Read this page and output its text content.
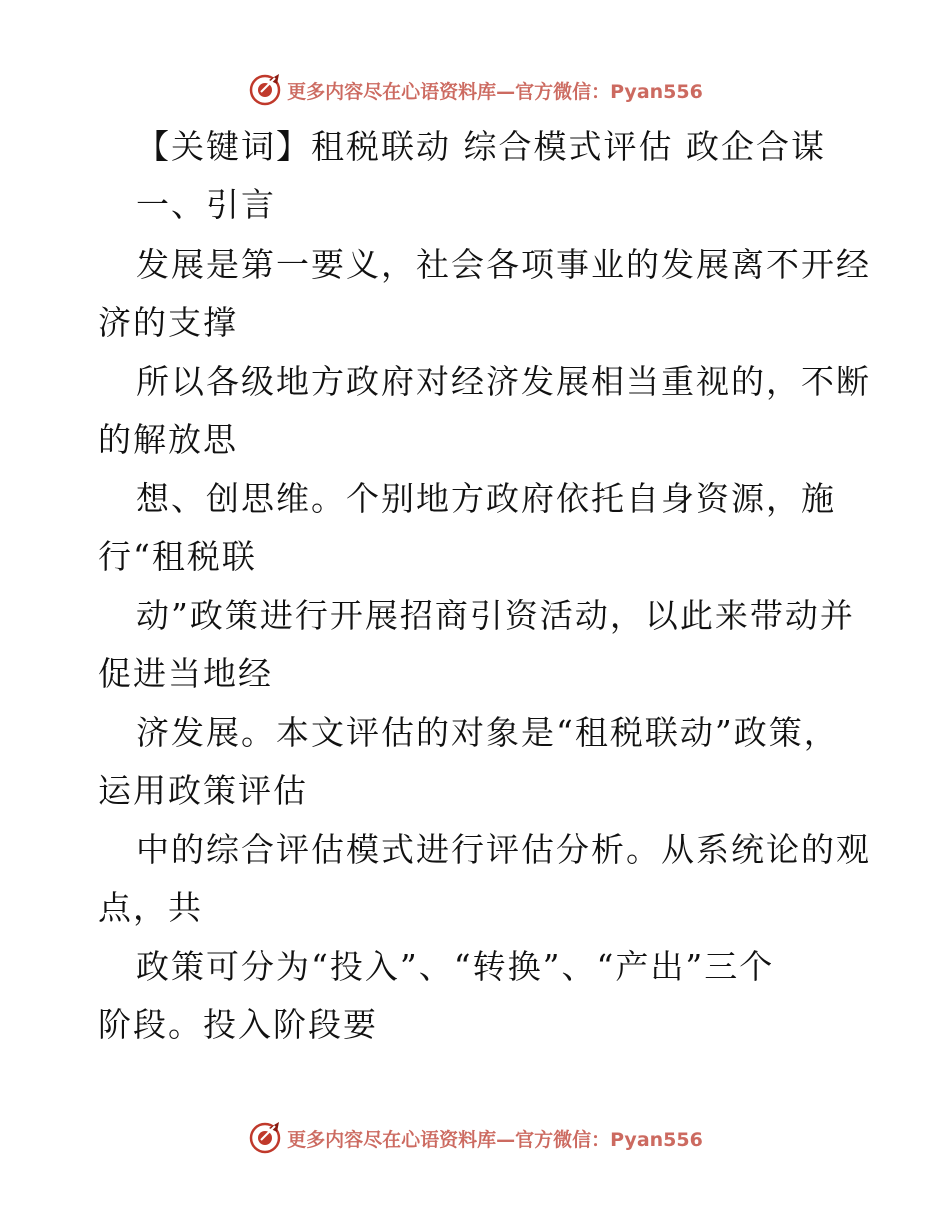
更多内容尽在心语资料库—官方微信：Pyan556
【关键词】租税联动 综合模式评估 政企合谋
一、引言
发展是第一要义，社会各项事业的发展离不开经
济的支撑
所以各级地方政府对经济发展相当重视的，不断
的解放思
想、创思维。个别地方政府依托自身资源，施
行“租税联
动”政策进行开展招商引资活动，以此来带动并
促进当地经
济发展。本文评估的对象是“租税联动”政策，
运用政策评估
中的综合评估模式进行评估分析。从系统论的观
点，共
政策可分为“投入”、“转换”、“产出”三个
阶段。投入阶段要
更多内容尽在心语资料库—官方微信：Pyan556
